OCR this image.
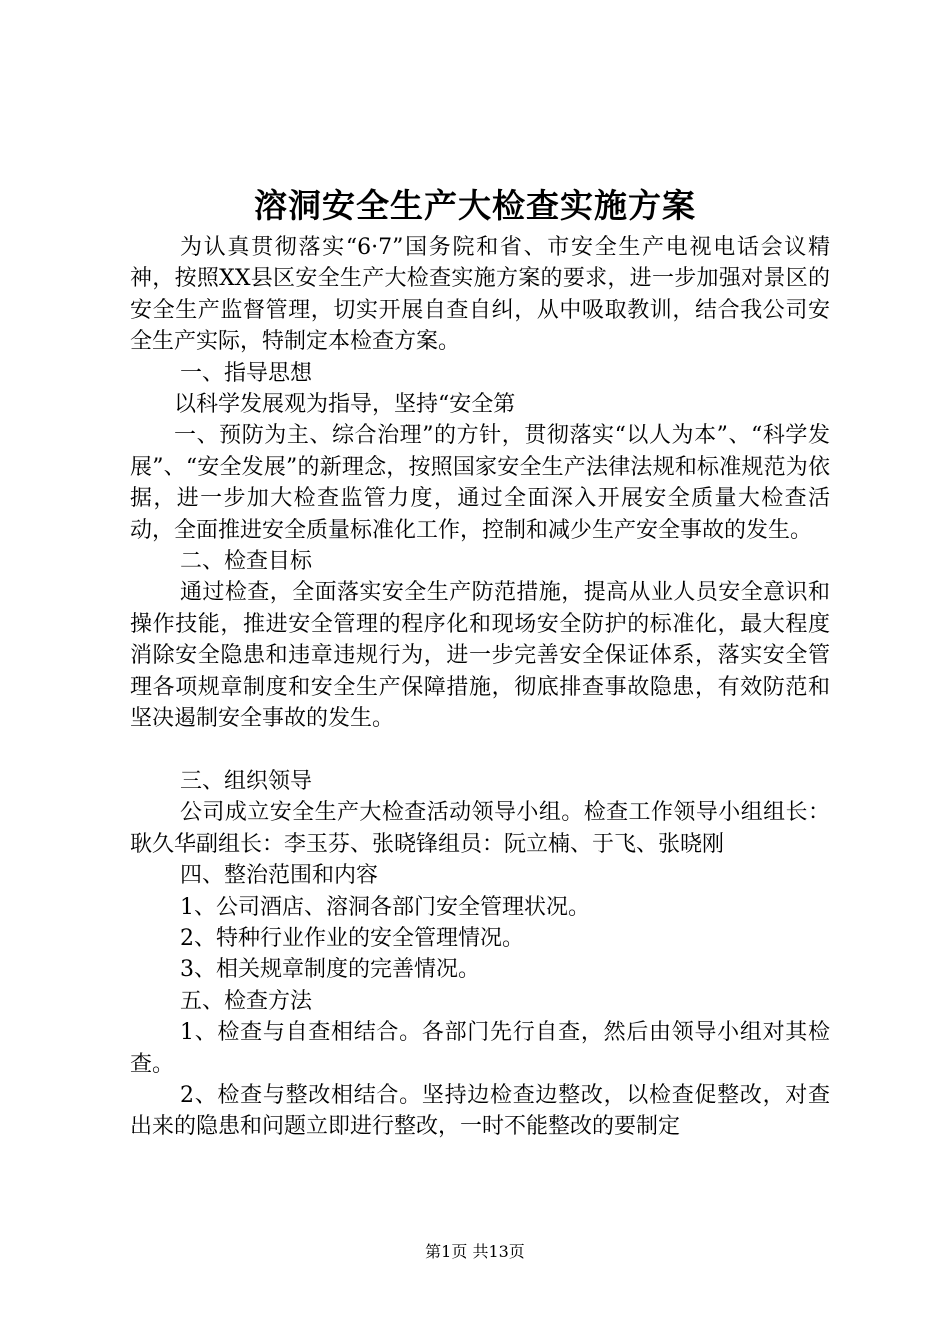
溶洞安全生产大检查实施方案

为认真贯彻落实“6·7”国务院和省、市安全生产电视电话会议精神，按照XX县区安全生产大检查实施方案的要求，进一步加强对景区的安全生产监督管理，切实开展自查自纠，从中吸取教训，结合我公司安全生产实际，特制定本检查方案。

一、指导思想

以科学发展观为指导，坚持“安全第

一、预防为主、综合治理”的方针，贯彻落实“以人为本”、“科学发展”、“安全发展”的新理念，按照国家安全生产法律法规和标准规范为依据，进一步加大检查监管力度，通过全面深入开展安全质量大检查活动，全面推进安全质量标准化工作，控制和减少生产安全事故的发生。

二、检查目标

通过检查，全面落实安全生产防范措施，提高从业人员安全意识和操作技能，推进安全管理的程序化和现场安全防护的标准化，最大程度消除安全隐患和违章违规行为，进一步完善安全保证体系，落实安全管理各项规章制度和安全生产保障措施，彻底排查事故隐患，有效防范和坚决遏制安全事故的发生。

三、组织领导

公司成立安全生产大检查活动领导小组。检查工作领导小组组长：耿久华副组长：李玉芬、张晓锋组员：阮立楠、于飞、张晓刚

四、整治范围和内容

1、公司酒店、溶洞各部门安全管理状况。

2、特种行业作业的安全管理情况。

3、相关规章制度的完善情况。

五、检查方法

1、检查与自查相结合。各部门先行自查，然后由领导小组对其检查。

2、检查与整改相结合。坚持边检查边整改，以检查促整改，对查出来的隐患和问题立即进行整改，一时不能整改的要制定

第1页 共13页
